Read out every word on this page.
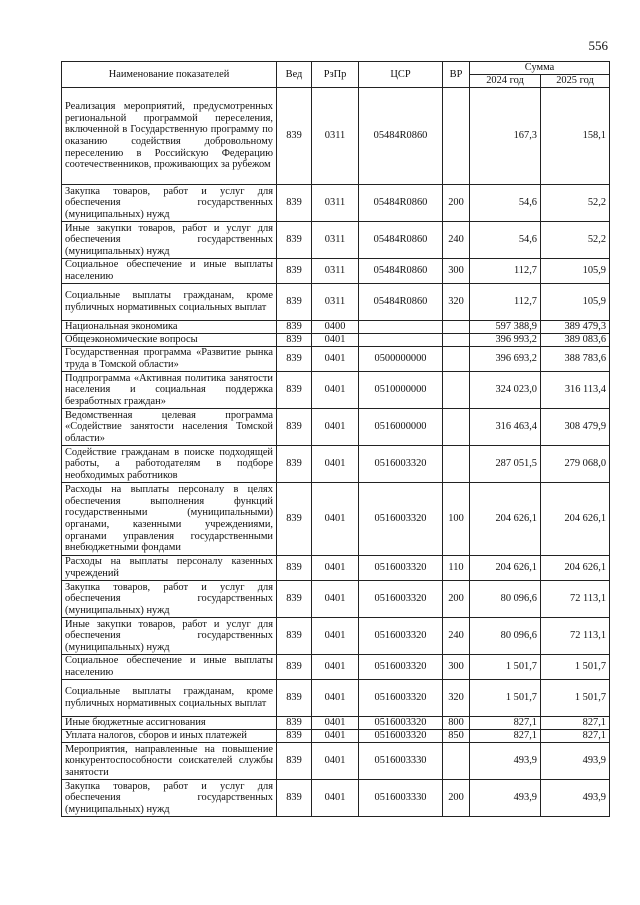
556
Наименование показателей	Вед	РзПр	ЦСР	ВР	Сумма	
					2024 год	2025 год
Реализация мероприятий, предусмотренных региональной программой переселения, включенной в Государственную программу по оказанию содействия добровольному переселению в Российскую Федерацию соотечественников, проживающих за рубежом	839	0311	05484R0860		167,3	158,1
Закупка товаров, работ и услуг для обеспечения государственных (муниципальных) нужд	839	0311	05484R0860	200	54,6	52,2
Иные закупки товаров, работ и услуг для обеспечения государственных (муниципальных) нужд	839	0311	05484R0860	240	54,6	52,2
Социальное обеспечение и иные выплаты населению	839	0311	05484R0860	300	112,7	105,9
Социальные выплаты гражданам, кроме публичных нормативных социальных выплат	839	0311	05484R0860	320	112,7	105,9
Национальная экономика	839	0400			597 388,9	389 479,3
Общеэкономические вопросы	839	0401			396 993,2	389 083,6
Государственная программа «Развитие рынка труда в Томской области»	839	0401	0500000000		396 693,2	388 783,6
Подпрограмма «Активная политика занятости населения и социальная поддержка безработных граждан»	839	0401	0510000000		324 023,0	316 113,4
Ведомственная целевая программа «Содействие занятости населения Томской области»	839	0401	0516000000		316 463,4	308 479,9
Содействие гражданам в поиске подходящей работы, а работодателям в подборе необходимых работников	839	0401	0516003320		287 051,5	279 068,0
Расходы на выплаты персоналу в целях обеспечения выполнения функций государственными (муниципальными) органами, казенными учреждениями, органами управления государственными внебюджетными фондами	839	0401	0516003320	100	204 626,1	204 626,1
Расходы на выплаты персоналу казенных учреждений	839	0401	0516003320	110	204 626,1	204 626,1
Закупка товаров, работ и услуг для обеспечения государственных (муниципальных) нужд	839	0401	0516003320	200	80 096,6	72 113,1
Иные закупки товаров, работ и услуг для обеспечения государственных (муниципальных) нужд	839	0401	0516003320	240	80 096,6	72 113,1
Социальное обеспечение и иные выплаты населению	839	0401	0516003320	300	1 501,7	1 501,7
Социальные выплаты гражданам, кроме публичных нормативных социальных выплат	839	0401	0516003320	320	1 501,7	1 501,7
Иные бюджетные ассигнования	839	0401	0516003320	800	827,1	827,1
Уплата налогов, сборов и иных платежей	839	0401	0516003320	850	827,1	827,1
Мероприятия, направленные на повышение конкурентоспособности соискателей службы занятости	839	0401	0516003330		493,9	493,9
Закупка товаров, работ и услуг для обеспечения государственных (муниципальных) нужд	839	0401	0516003330	200	493,9	493,9
